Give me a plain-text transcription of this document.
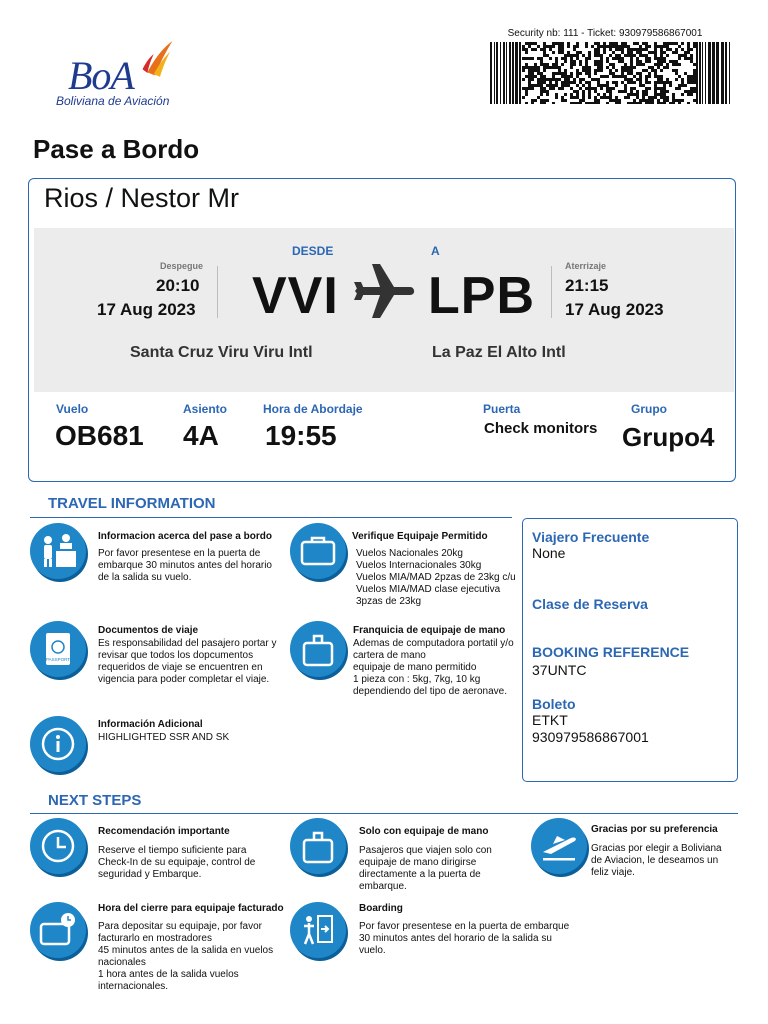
BoA
Boliviana de Aviación
Security nb: 111 - Ticket: 930979586867001
Pase a Bordo
Rios / Nestor Mr
DESDE	A
Despegue
20:10
17 Aug 2023 VVI LPB
Aterrizaje
21:15
17 Aug 2023
Santa Cruz Viru Viru Intl	La Paz El Alto Intl
Vuelo
OB681
Asiento
4A
Hora de Abordaje
19:55
Puerta
Check monitors
Grupo
Grupo4
TRAVEL INFORMATION
Informacion acerca del pase a bordo
Por favor presentese en la puerta de
embarque 30 minutos antes del horario
de la salida su vuelo.
Verifique Equipaje Permitido
Vuelos Nacionales 20kg
Vuelos Internacionales 30kg
Vuelos MIA/MAD 2pzas de 23kg c/u
Vuelos MIA/MAD clase ejecutiva
3pzas de 23kg
PASSPORT
Documentos de viaje
Es responsabilidad del pasajero portar y
revisar que todos los dopcumentos
requeridos de viaje se encuentren en
vigencia para poder completar el viaje.
Franquicia de equipaje de mano
Ademas de computadora portatil y/o
cartera de mano
equipaje de mano permitido
1 pieza con : 5kg, 7kg, 10 kg
dependiendo del tipo de aeronave.
Información Adicional
HIGHLIGHTED SSR AND SK
Viajero Frecuente
None
Clase de Reserva
BOOKING REFERENCE
37UNTC
Boleto
ETKT
930979586867001
NEXT STEPS
Recomendación importante
Reserve el tiempo suficiente para
Check-In de su equipaje, control de
seguridad y Embarque.
Solo con equipaje de mano
Pasajeros que viajen solo con
equipaje de mano dirigirse
directamente a la puerta de
embarque.
Gracias por su preferencia
Gracias por elegir a Boliviana
de Aviacion, le deseamos un
feliz viaje.
Hora del cierre para equipaje facturado
Para depositar su equipaje, por favor
facturarlo en mostradores
45 minutos antes de la salida en vuelos
nacionales
1 hora antes de la salida vuelos
internacionales.
Boarding
Por favor presentese en la puerta de embarque
30 minutos antes del horario de la salida su
vuelo.
